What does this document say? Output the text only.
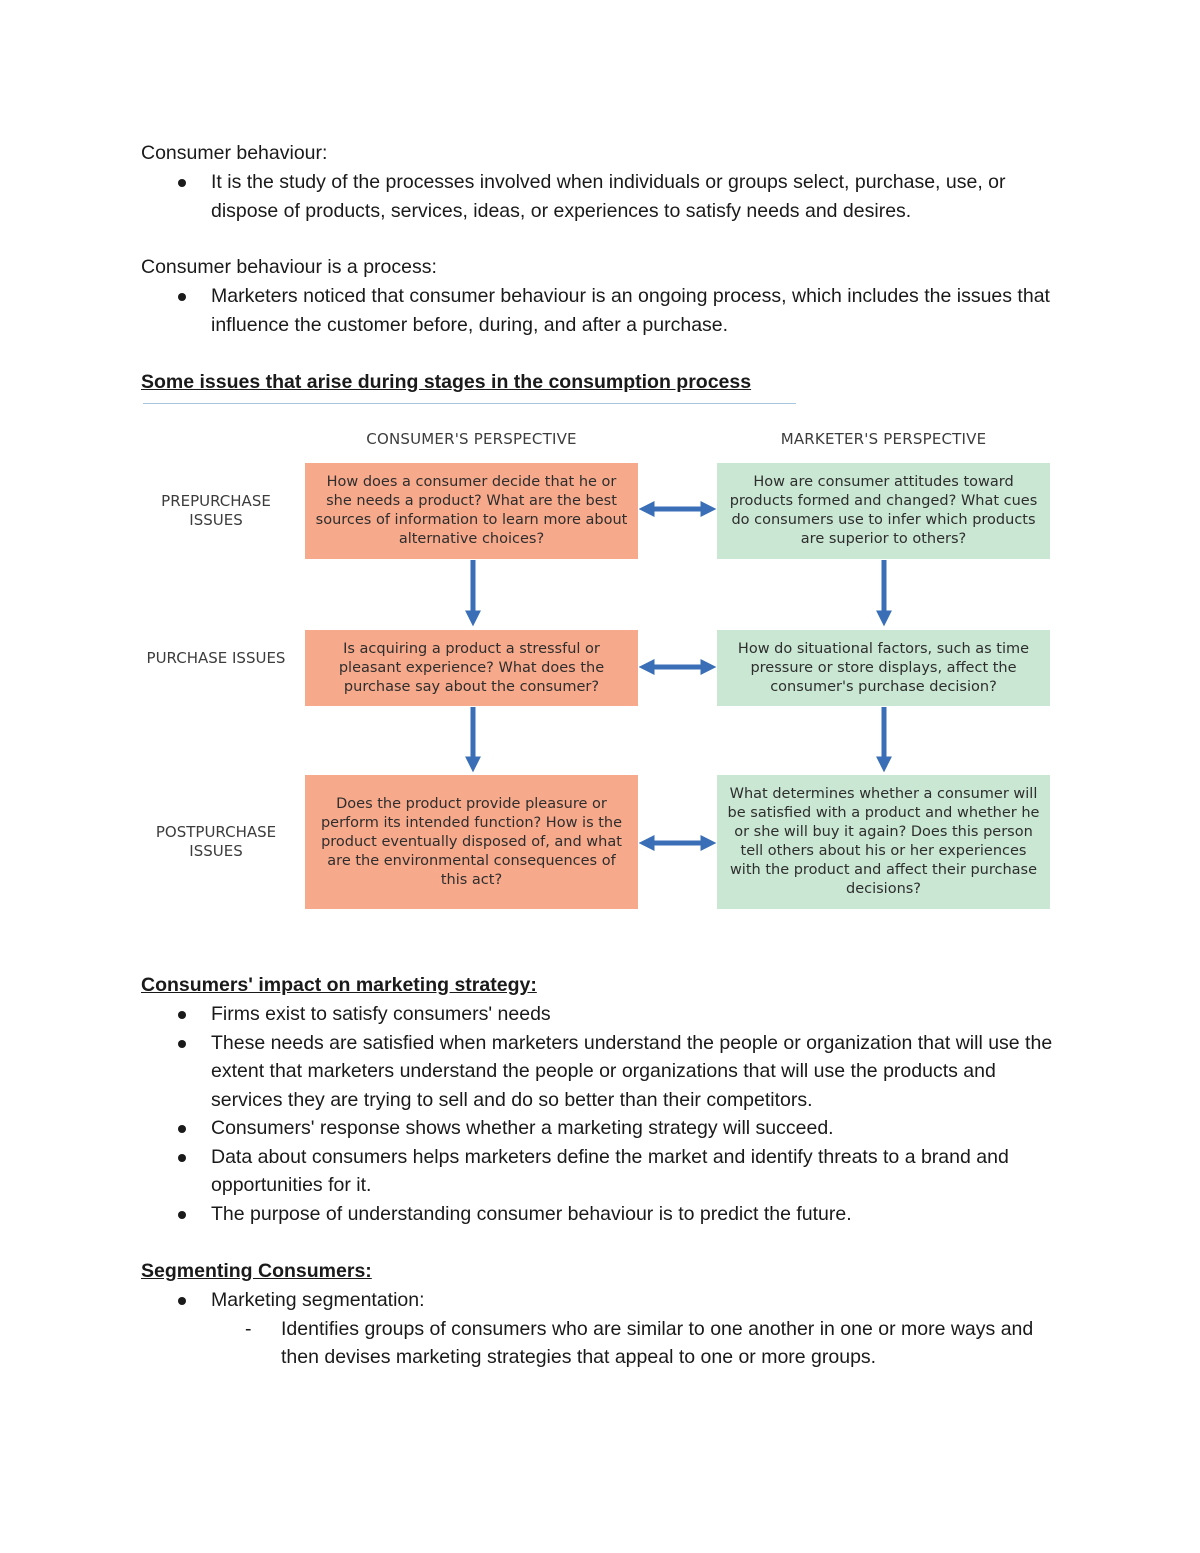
Consumer behaviour:
It is the study of the processes involved when individuals or groups select, purchase, use, or dispose of products, services, ideas, or experiences to satisfy needs and desires.
Consumer behaviour is a process:
Marketers noticed that consumer behaviour is an ongoing process, which includes the issues that influence the customer before, during, and after a purchase.
Some issues that arise during stages in the consumption process
CONSUMER'S PERSPECTIVE	MARKETER'S PERSPECTIVE
PREPURCHASE ISSUES
PURCHASE ISSUES
POSTPURCHASE ISSUES
How does a consumer decide that he or she needs a product? What are the best sources of information to learn more about alternative choices?
How are consumer attitudes toward products formed and changed? What cues do consumers use to infer which products are superior to others?
Is acquiring a product a stressful or pleasant experience? What does the purchase say about the consumer?
How do situational factors, such as time pressure or store displays, affect the consumer's purchase decision?
Does the product provide pleasure or perform its intended function? How is the product eventually disposed of, and what are the environmental consequences of this act?
What determines whether a consumer will be satisfied with a product and whether he or she will buy it again? Does this person tell others about his or her experiences with the product and affect their purchase decisions?
Consumers' impact on marketing strategy:
Firms exist to satisfy consumers' needs
These needs are satisfied when marketers understand the people or organization that will use the extent that marketers understand the people or organizations that will use the products and services they are trying to sell and do so better than their competitors.
Consumers' response shows whether a marketing strategy will succeed.
Data about consumers helps marketers define the market and identify threats to a brand and opportunities for it.
The purpose of understanding consumer behaviour is to predict the future.
Segmenting Consumers:
Marketing segmentation:
- Identifies groups of consumers who are similar to one another in one or more ways and then devises marketing strategies that appeal to one or more groups.
